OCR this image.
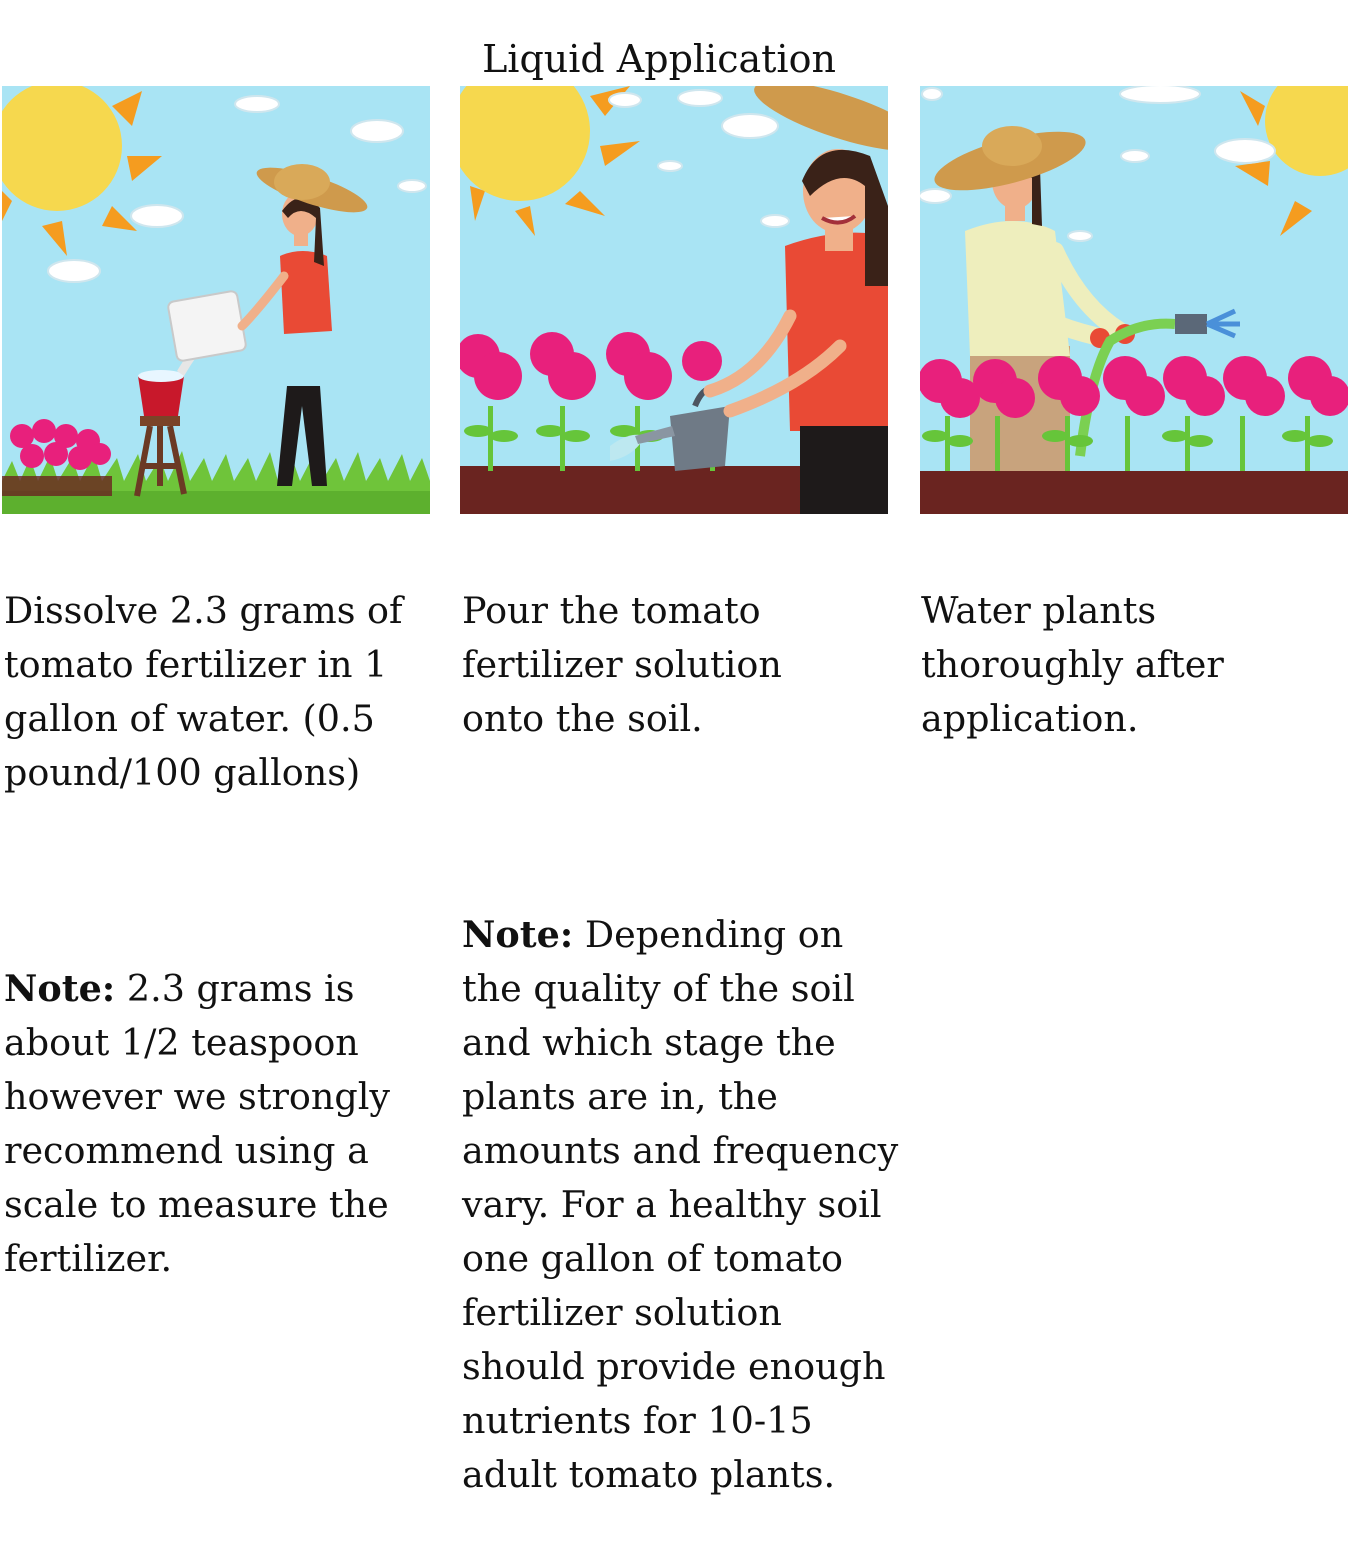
Liquid Application

Dissolve 2.3 grams of
tomato fertilizer in 1
gallon of water. (0.5
pound/100 gallons)

Note: 2.3 grams is
about 1/2 teaspoon
however we strongly
recommend using a
scale to measure the
fertilizer.

Pour the tomato
fertilizer solution
onto the soil.

Note: Depending on
the quality of the soil
and which stage the
plants are in, the
amounts and frequency
vary. For a healthy soil
one gallon of tomato
fertilizer solution
should provide enough
nutrients for 10-15
adult tomato plants.

Water plants
thoroughly after
application.
